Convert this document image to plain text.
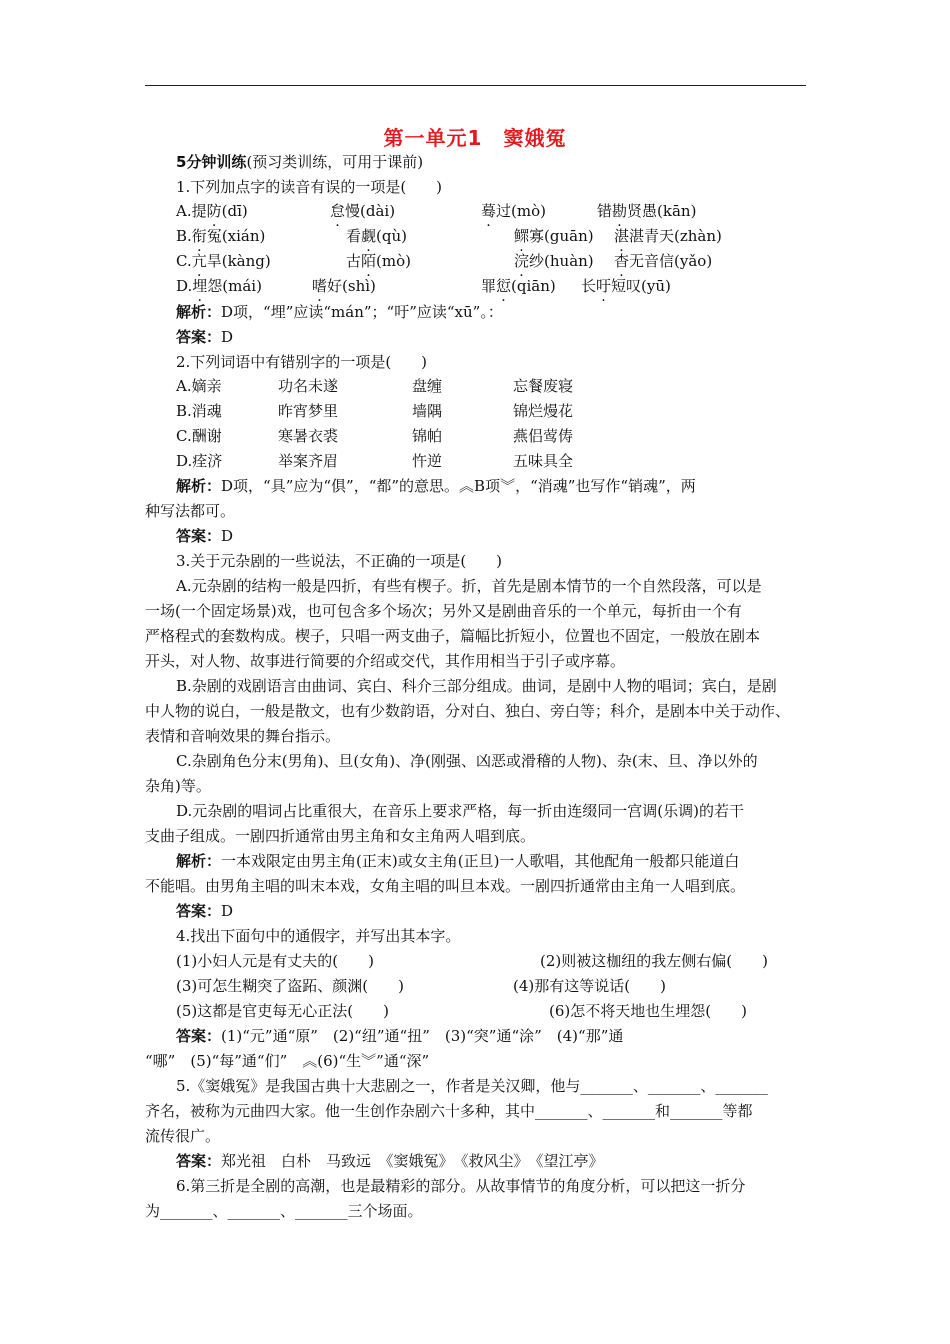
第一单元1　窦娥冤
5分钟训练(预习类训练，可用于课前)
1.下列加点字的读音有误的一项是(　　)
A.提防(dī)	怠慢(dài)	蓦过(mò)	错勘贤愚(kān)
B.衔冤(xián)	看觑(qù)	鳏寡(guān) 湛湛青天(zhàn)
C.亢旱(kàng)	古陌(mò)	浣纱(huàn) 杳无音信(yǎo)
D.埋怨(mái)	嗜好(shì)	罪愆(qiān) 长吁短叹(yū)
解析：D项，“埋”应读“mán”；“吁”应读“xū”。：
答案：D
2.下列词语中有错别字的一项是(　　)
A.嫡亲	功名未遂	盘缠	忘餐废寝
B.消魂	昨宵梦里	墙隅	锦烂熳花
C.酬谢	寒暑衣裘	锦帕	燕侣莺俦
D.痊济	举案齐眉	忤逆	五味具全
解析：D项，“具”应为“俱”，“都”的意思。︽B项︾，“消魂”也写作“销魂”，两
种写法都可。
答案：D
3.关于元杂剧的一些说法，不正确的一项是(　　)
A.元杂剧的结构一般是四折，有些有楔子。折，首先是剧本情节的一个自然段落，可以是
一场(一个固定场景)戏，也可包含多个场次；另外又是剧曲音乐的一个单元，每折由一个有
严格程式的套数构成。楔子，只唱一两支曲子，篇幅比折短小，位置也不固定，一般放在剧本
开头，对人物、故事进行简要的介绍或交代，其作用相当于引子或序幕。
B.杂剧的戏剧语言由曲词、宾白、科介三部分组成。曲词，是剧中人物的唱词；宾白，是剧
中人物的说白，一般是散文，也有少数韵语，分对白、独白、旁白等；科介，是剧本中关于动作、
表情和音响效果的舞台指示。
C.杂剧角色分末(男角)、旦(女角)、净(刚强、凶恶或滑稽的人物)、杂(末、旦、净以外的
杂角)等。
D.元杂剧的唱词占比重很大，在音乐上要求严格，每一折由连缀同一宫调(乐调)的若干
支曲子组成。一剧四折通常由男主角和女主角两人唱到底。
解析：一本戏限定由男主角(正末)或女主角(正旦)一人歌唱，其他配角一般都只能道白
不能唱。由男角主唱的叫末本戏，女角主唱的叫旦本戏。一剧四折通常由主角一人唱到底。
答案：D
4.找出下面句中的通假字，并写出其本字。
(1)小妇人元是有丈夫的(　　)	(2)则被这枷纽的我左侧右偏(　　)
(3)可怎生糊突了盗跖、颜渊(　　)	(4)那有这等说话(　　)
(5)这都是官吏每无心正法(　　)	(6)怎不将天地也生埋怨(　　)
答案：(1)“元”通“原”　(2)“纽”通“扭”　(3)“突”通“涂”　(4)“那”通
“哪”　(5)“每”通“们”　︽(6)“生︾”通“深”
5.《窦娥冤》是我国古典十大悲剧之一，作者是关汉卿，他与_______、_______、_______
齐名，被称为元曲四大家。他一生创作杂剧六十多种，其中_______、_______和_______等都
流传很广。
答案：郑光祖　白朴　马致远　《窦娥冤》　《救风尘》　《望江亭》
6.第三折是全剧的高潮，也是最精彩的部分。从故事情节的角度分析，可以把这一折分
为_______、_______、_______三个场面。
